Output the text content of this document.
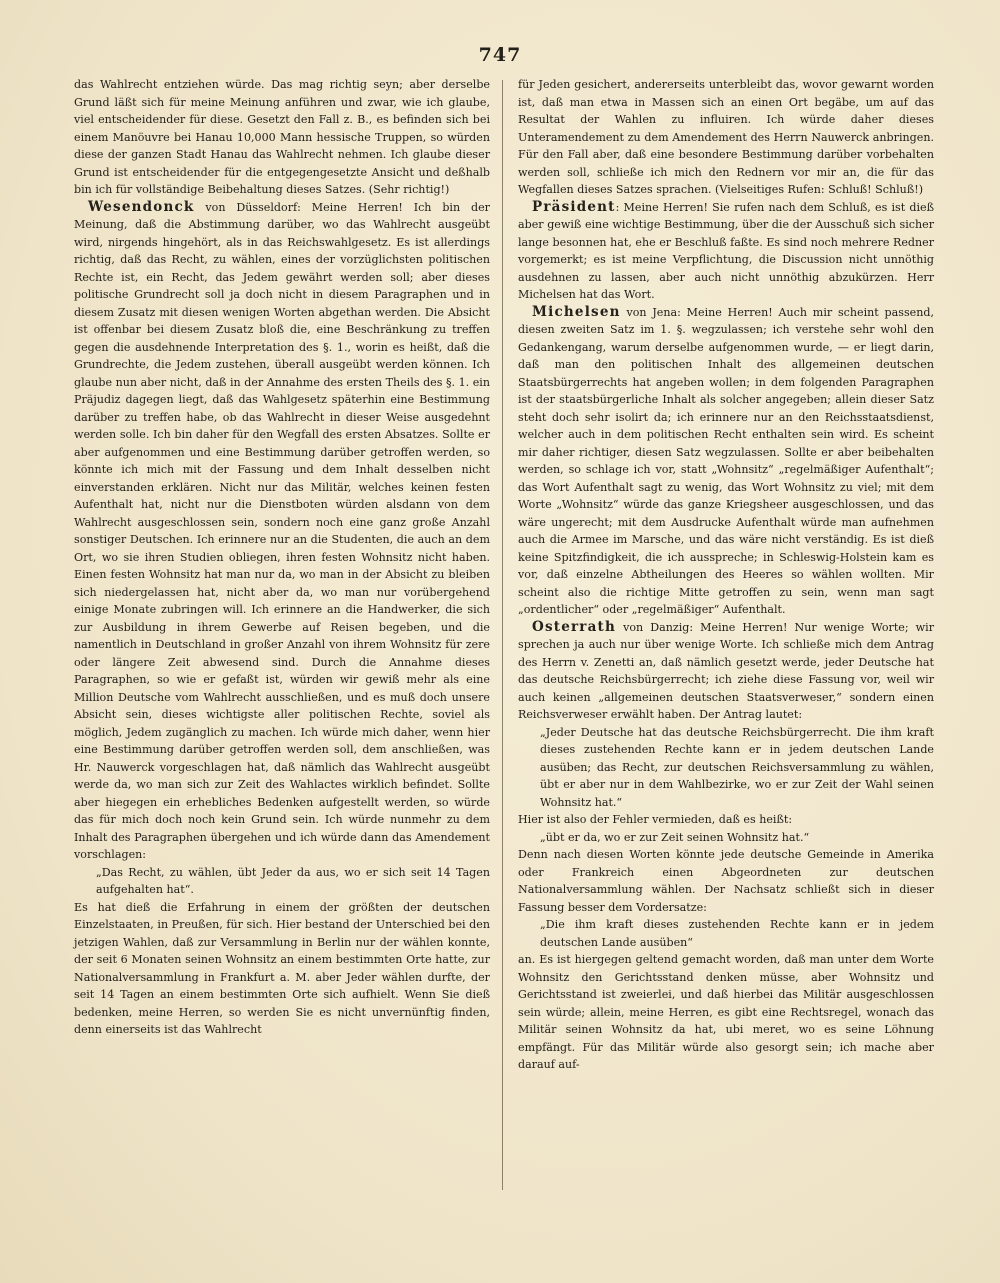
747

das Wahlrecht entziehen würde. Das mag richtig seyn; aber derselbe Grund läßt sich für meine Meinung anführen und zwar, wie ich glaube, viel entscheidender für diese. Gesetzt den Fall z. B., es befinden sich bei einem Manöuvre bei Hanau 10,000 Mann hessische Truppen, so würden diese der ganzen Stadt Hanau das Wahlrecht nehmen. Ich glaube dieser Grund ist entscheidender für die entgegengesetzte Ansicht und deßhalb bin ich für vollständige Beibehaltung dieses Satzes. (Sehr richtig!)

Wesendonck von Düsseldorf: Meine Herren! Ich bin der Meinung, daß die Abstimmung darüber, wo das Wahlrecht ausgeübt wird, nirgends hingehört, als in das Reichswahlgesetz. Es ist allerdings richtig, daß das Recht, zu wählen, eines der vorzüglichsten politischen Rechte ist, ein Recht, das Jedem gewährt werden soll; aber dieses politische Grundrecht soll ja doch nicht in diesem Paragraphen und in diesem Zusatz mit diesen wenigen Worten abgethan werden. Die Absicht ist offenbar bei diesem Zusatz bloß die, eine Beschränkung zu treffen gegen die ausdehnende Interpretation des §. 1., worin es heißt, daß die Grundrechte, die Jedem zustehen, überall ausgeübt werden können. Ich glaube nun aber nicht, daß in der Annahme des ersten Theils des §. 1. ein Präjudiz dagegen liegt, daß das Wahlgesetz späterhin eine Bestimmung darüber zu treffen habe, ob das Wahlrecht in dieser Weise ausgedehnt werden solle. Ich bin daher für den Wegfall des ersten Absatzes. Sollte er aber aufgenommen und eine Bestimmung darüber getroffen werden, so könnte ich mich mit der Fassung und dem Inhalt desselben nicht einverstanden erklären. Nicht nur das Militär, welches keinen festen Aufenthalt hat, nicht nur die Dienstboten würden alsdann von dem Wahlrecht ausgeschlossen sein, sondern noch eine ganz große Anzahl sonstiger Deutschen. Ich erinnere nur an die Studenten, die auch an dem Ort, wo sie ihren Studien obliegen, ihren festen Wohnsitz nicht haben. Einen festen Wohnsitz hat man nur da, wo man in der Absicht zu bleiben sich niedergelassen hat, nicht aber da, wo man nur vorübergehend einige Monate zubringen will. Ich erinnere an die Handwerker, die sich zur Ausbildung in ihrem Gewerbe auf Reisen begeben, und die namentlich in Deutschland in großer Anzahl von ihrem Wohnsitz für zere oder längere Zeit abwesend sind. Durch die Annahme dieses Paragraphen, so wie er gefaßt ist, würden wir gewiß mehr als eine Million Deutsche vom Wahlrecht ausschließen, und es muß doch unsere Absicht sein, dieses wichtigste aller politischen Rechte, soviel als möglich, Jedem zugänglich zu machen. Ich würde mich daher, wenn hier eine Bestimmung darüber getroffen werden soll, dem anschließen, was Hr. Nauwerck vorgeschlagen hat, daß nämlich das Wahlrecht ausgeübt werde da, wo man sich zur Zeit des Wahlactes wirklich befindet. Sollte aber hiegegen ein erhebliches Bedenken aufgestellt werden, so würde das für mich doch noch kein Grund sein. Ich würde nunmehr zu dem Inhalt des Paragraphen übergehen und ich würde dann das Amendement vorschlagen:

„Das Recht, zu wählen, übt Jeder da aus, wo er sich seit 14 Tagen aufgehalten hat“.

Es hat dieß die Erfahrung in einem der größten der deutschen Einzelstaaten, in Preußen, für sich. Hier bestand der Unterschied bei den jetzigen Wahlen, daß zur Versammlung in Berlin nur der wählen konnte, der seit 6 Monaten seinen Wohnsitz an einem bestimmten Orte hatte, zur Nationalversammlung in Frankfurt a. M. aber Jeder wählen durfte, der seit 14 Tagen an einem bestimmten Orte sich aufhielt. Wenn Sie dieß bedenken, meine Herren, so werden Sie es nicht unvernünftig finden, denn einerseits ist das Wahlrecht

für Jeden gesichert, andererseits unterbleibt das, wovor gewarnt worden ist, daß man etwa in Massen sich an einen Ort begäbe, um auf das Resultat der Wahlen zu influiren. Ich würde daher dieses Unteramendement zu dem Amendement des Herrn Nauwerck anbringen. Für den Fall aber, daß eine besondere Bestimmung darüber vorbehalten werden soll, schließe ich mich den Rednern vor mir an, die für das Wegfallen dieses Satzes sprachen. (Vielseitiges Rufen: Schluß! Schluß!)

Präsident: Meine Herren! Sie rufen nach dem Schluß, es ist dieß aber gewiß eine wichtige Bestimmung, über die der Ausschuß sich sicher lange besonnen hat, ehe er Beschluß faßte. Es sind noch mehrere Redner vorgemerkt; es ist meine Verpflichtung, die Discussion nicht unnöthig ausdehnen zu lassen, aber auch nicht unnöthig abzukürzen. Herr Michelsen hat das Wort.

Michelsen von Jena: Meine Herren! Auch mir scheint passend, diesen zweiten Satz im 1. §. wegzulassen; ich verstehe sehr wohl den Gedankengang, warum derselbe aufgenommen wurde, — er liegt darin, daß man den politischen Inhalt des allgemeinen deutschen Staatsbürgerrechts hat angeben wollen; in dem folgenden Paragraphen ist der staatsbürgerliche Inhalt als solcher angegeben; allein dieser Satz steht doch sehr isolirt da; ich erinnere nur an den Reichsstaatsdienst, welcher auch in dem politischen Recht enthalten sein wird. Es scheint mir daher richtiger, diesen Satz wegzulassen. Sollte er aber beibehalten werden, so schlage ich vor, statt „Wohnsitz“ „regelmäßiger Aufenthalt“; das Wort Aufenthalt sagt zu wenig, das Wort Wohnsitz zu viel; mit dem Worte „Wohnsitz“ würde das ganze Kriegsheer ausgeschlossen, und das wäre ungerecht; mit dem Ausdrucke Aufenthalt würde man aufnehmen auch die Armee im Marsche, und das wäre nicht verständig. Es ist dieß keine Spitzfindigkeit, die ich ausspreche; in Schleswig-Holstein kam es vor, daß einzelne Abtheilungen des Heeres so wählen wollten. Mir scheint also die richtige Mitte getroffen zu sein, wenn man sagt „ordentlicher“ oder „regelmäßiger“ Aufenthalt.

Osterrath von Danzig: Meine Herren! Nur wenige Worte; wir sprechen ja auch nur über wenige Worte. Ich schließe mich dem Antrag des Herrn v. Zenetti an, daß nämlich gesetzt werde, jeder Deutsche hat das deutsche Reichsbürgerrecht; ich ziehe diese Fassung vor, weil wir auch keinen „allgemeinen deutschen Staatsverweser,“ sondern einen Reichsverweser erwählt haben. Der Antrag lautet:

„Jeder Deutsche hat das deutsche Reichsbürgerrecht. Die ihm kraft dieses zustehenden Rechte kann er in jedem deutschen Lande ausüben; das Recht, zur deutschen Reichsversammlung zu wählen, übt er aber nur in dem Wahlbezirke, wo er zur Zeit der Wahl seinen Wohnsitz hat.“

Hier ist also der Fehler vermieden, daß es heißt:

„übt er da, wo er zur Zeit seinen Wohnsitz hat.“

Denn nach diesen Worten könnte jede deutsche Gemeinde in Amerika oder Frankreich einen Abgeordneten zur deutschen Nationalversammlung wählen. Der Nachsatz schließt sich in dieser Fassung besser dem Vordersatze:

„Die ihm kraft dieses zustehenden Rechte kann er in jedem deutschen Lande ausüben“

an. Es ist hiergegen geltend gemacht worden, daß man unter dem Worte Wohnsitz den Gerichtsstand denken müsse, aber Wohnsitz und Gerichtsstand ist zweierlei, und daß hierbei das Militär ausgeschlossen sein würde; allein, meine Herren, es gibt eine Rechtsregel, wonach das Militär seinen Wohnsitz da hat, ubi meret, wo es seine Löhnung empfängt. Für das Militär würde also gesorgt sein; ich mache aber darauf auf-
